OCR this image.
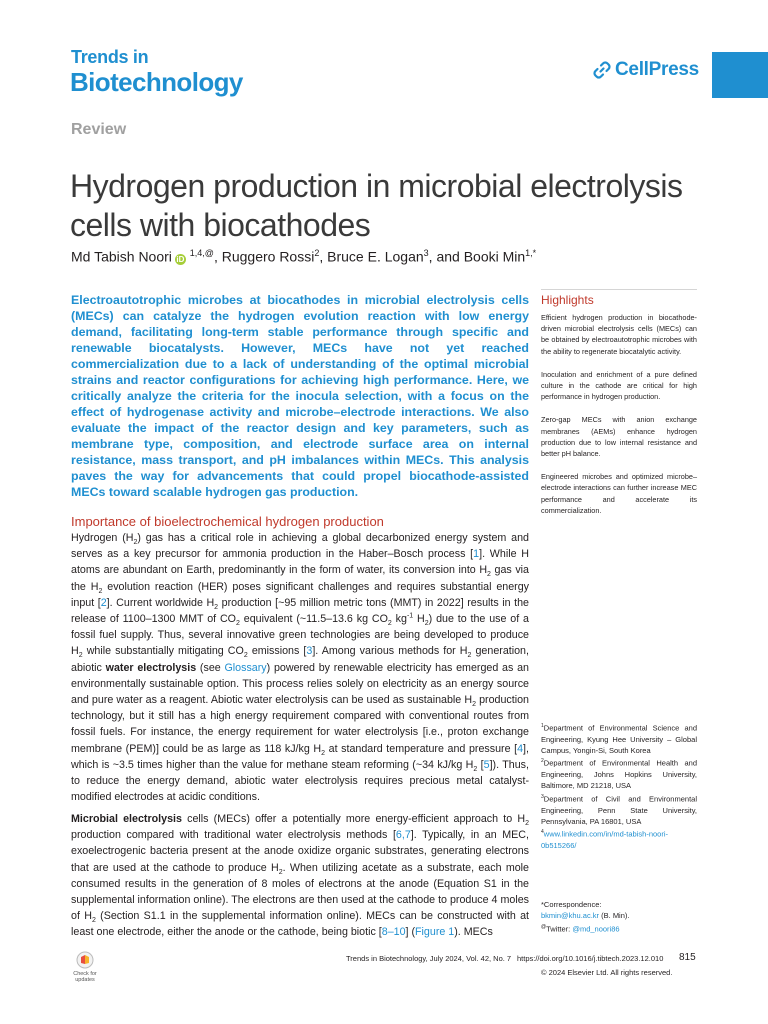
Trends in
Biotechnology	CellPress
Review
Hydrogen production in microbial electrolysis cells with biocathodes
Md Tabish Noori iD $^{1,4,@}$, Ruggero Rossi$^2$, Bruce E. Logan$^3$, and Booki Min$^{1,*}$

Electroautotrophic microbes at biocathodes in microbial electrolysis cells (MECs) can catalyze the hydrogen evolution reaction with low energy demand, facilitating long-term stable performance through specific and renewable biocatalysts. However, MECs have not yet reached commercialization due to a lack of understanding of the optimal microbial strains and reactor configurations for achieving high performance. Here, we critically analyze the criteria for the inocula selection, with a focus on the effect of hydrogenase activity and microbe–electrode interactions. We also evaluate the impact of the reactor design and key parameters, such as membrane type, composition, and electrode surface area on internal resistance, mass transport, and pH imbalances within MECs. This analysis paves the way for advancements that could propel biocathode-assisted MECs toward scalable hydrogen gas production.

Highlights

Efficient hydrogen production in biocathode-driven microbial electrolysis cells (MECs) can be obtained by electroautotrophic microbes with the ability to regenerate biocatalytic activity.

Inoculation and enrichment of a pure defined culture in the cathode are critical for high performance in hydrogen production.

Zero-gap MECs with anion exchange membranes (AEMs) enhance hydrogen production due to low internal resistance and better pH balance.

Engineered microbes and optimized microbe–electrode interactions can further increase MEC performance and accelerate its commercialization.

Importance of bioelectrochemical hydrogen production

Hydrogen $(H_2)$ gas has a critical role in achieving a global decarbonized energy system and serves as a key precursor for ammonia production in the Haber–Bosch process [1]. While H atoms are abundant on Earth, predominantly in the form of water, its conversion into $H_2$ gas via the $H_2$ evolution reaction (HER) poses significant challenges and requires substantial energy input [2]. Current worldwide $H_2$ production [~95 million metric tons (MMT) in 2022] results in the release of 1100–1300 MMT of $CO_2$ equivalent (~11.5–13.6 kg $CO_2$ $kg^{-1}$ $H_2$) due to the use of a fossil fuel supply. Thus, several innovative green technologies are being developed to produce $H_2$ while substantially mitigating $CO_2$ emissions [3]. Among various methods for $H_2$ generation, abiotic water electrolysis (see Glossary) powered by renewable electricity has emerged as an environmentally sustainable option. This process relies solely on electricity as an energy source and pure water as a reagent. Abiotic water electrolysis can be used as sustainable $H_2$ production technology, but it still has a high energy requirement compared with conventional routes from fossil fuels. For instance, the energy requirement for water electrolysis [i.e., proton exchange membrane (PEM)] could be as large as 118 kJ/kg $H_2$ at standard temperature and pressure [4], which is ~3.5 times higher than the value for methane steam reforming (~34 kJ/kg $H_2$ [5]). Thus, to reduce the energy demand, abiotic water electrolysis requires precious metal catalyst-modified electrodes at acidic conditions.

Microbial electrolysis cells (MECs) offer a potentially more energy-efficient approach to $H_2$ production compared with traditional water electrolysis methods [6,7]. Typically, in an MEC, exoelectrogenic bacteria present at the anode oxidize organic substrates, generating electrons that are used at the cathode to produce $H_2$. When utilizing acetate as a substrate, each mole consumed results in the generation of 8 moles of electrons at the anode (Equation S1 in the supplemental information online). The electrons are then used at the cathode to produce 4 moles of $H_2$ (Section S1.1 in the supplemental information online). MECs can be constructed with at least one electrode, either the anode or the cathode, being biotic [8–10] (Figure 1). MECs

$^1$Department of Environmental Science and Engineering, Kyung Hee University – Global Campus, Yongin-Si, South Korea

$^2$Department of Environmental Health and Engineering, Johns Hopkins University, Baltimore, MD 21218, USA

$^3$Department of Civil and Environmental Engineering, Penn State University, Pennsylvania, PA 16801, USA

$^4$www.linkedin.com/in/md-tabish-noori-0b515266/

*Correspondence:

bkmin@khu.ac.kr (B. Min).

@Twitter: @md_noori86

Check for
updates
Trends in Biotechnology, July 2024, Vol. 42, No. 7 https://doi.org/10.1016/j.tibtech.2023.12.010
© 2024 Elsevier Ltd. All rights reserved.
815
